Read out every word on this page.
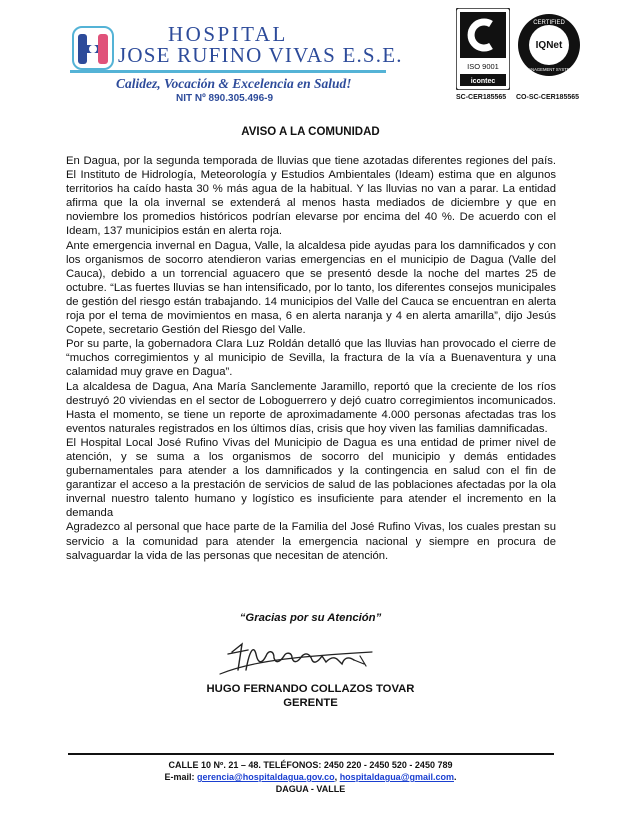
HOSPITAL
JOSE RUFINO VIVAS E.S.E.
Calidez, Vocación & Excelencia en Salud!
NIT Nº 890.305.496-9
ISO 9001
icontec
CERTIFIED
IQNet
MANAGEMENT SYSTEM
SC-CER185565 CO-SC-CER185565
AVISO A LA COMUNIDAD

En Dagua, por la segunda temporada de lluvias que tiene azotadas diferentes regiones del país. El Instituto de Hidrología, Meteorología y Estudios Ambientales (Ideam) estima que en algunos territorios ha caído hasta 30 % más agua de la habitual. Y las lluvias no van a parar. La entidad afirma que la ola invernal se extenderá al menos hasta mediados de diciembre y que en noviembre los promedios históricos podrían elevarse por encima del 40 %. De acuerdo con el Ideam, 137 municipios están en alerta roja.

Ante emergencia invernal en Dagua, Valle, la alcaldesa pide ayudas para los damnificados y con los organismos de socorro atendieron varias emergencias en el municipio de Dagua (Valle del Cauca), debido a un torrencial aguacero que se presentó desde la noche del martes 25 de octubre. “Las fuertes lluvias se han intensificado, por lo tanto, los diferentes consejos municipales de gestión del riesgo están trabajando. 14 municipios del Valle del Cauca se encuentran en alerta roja por el tema de movimientos en masa, 6 en alerta naranja y 4 en alerta amarilla”, dijo Jesús Copete, secretario Gestión del Riesgo del Valle.

Por su parte, la gobernadora Clara Luz Roldán detalló que las lluvias han provocado el cierre de “muchos corregimientos y al municipio de Sevilla, la fractura de la vía a Buenaventura y una calamidad muy grave en Dagua”.

La alcaldesa de Dagua, Ana María Sanclemente Jaramillo, reportó que la creciente de los ríos destruyó 20 viviendas en el sector de Loboguerrero y dejó cuatro corregimientos incomunicados. Hasta el momento, se tiene un reporte de aproximadamente 4.000 personas afectadas tras los eventos naturales registrados en los últimos días, crisis que hoy viven las familias damnificadas.

El Hospital Local José Rufino Vivas del Municipio de Dagua es una entidad de primer nivel de atención, y se suma a los organismos de socorro del municipio y demás entidades gubernamentales para atender a los damnificados y la contingencia en salud con el fin de garantizar el acceso a la prestación de servicios de salud de las poblaciones afectadas por la ola invernal nuestro talento humano y logístico es insuficiente para atender el incremento en la demanda

Agradezco al personal que hace parte de la Familia del José Rufino Vivas, los cuales prestan su servicio a la comunidad para atender la emergencia nacional y siempre en procura de salvaguardar la vida de las personas que necesitan de atención.

“Gracias por su Atención”
HUGO FERNANDO COLLAZOS TOVAR
GERENTE
CALLE 10 Nº. 21 – 48. TELÉFONOS: 2450 220 - 2450 520 - 2450 789
E-mail: gerencia@hospitaldagua.gov.co, hospitaldagua@gmail.com.
DAGUA - VALLE
